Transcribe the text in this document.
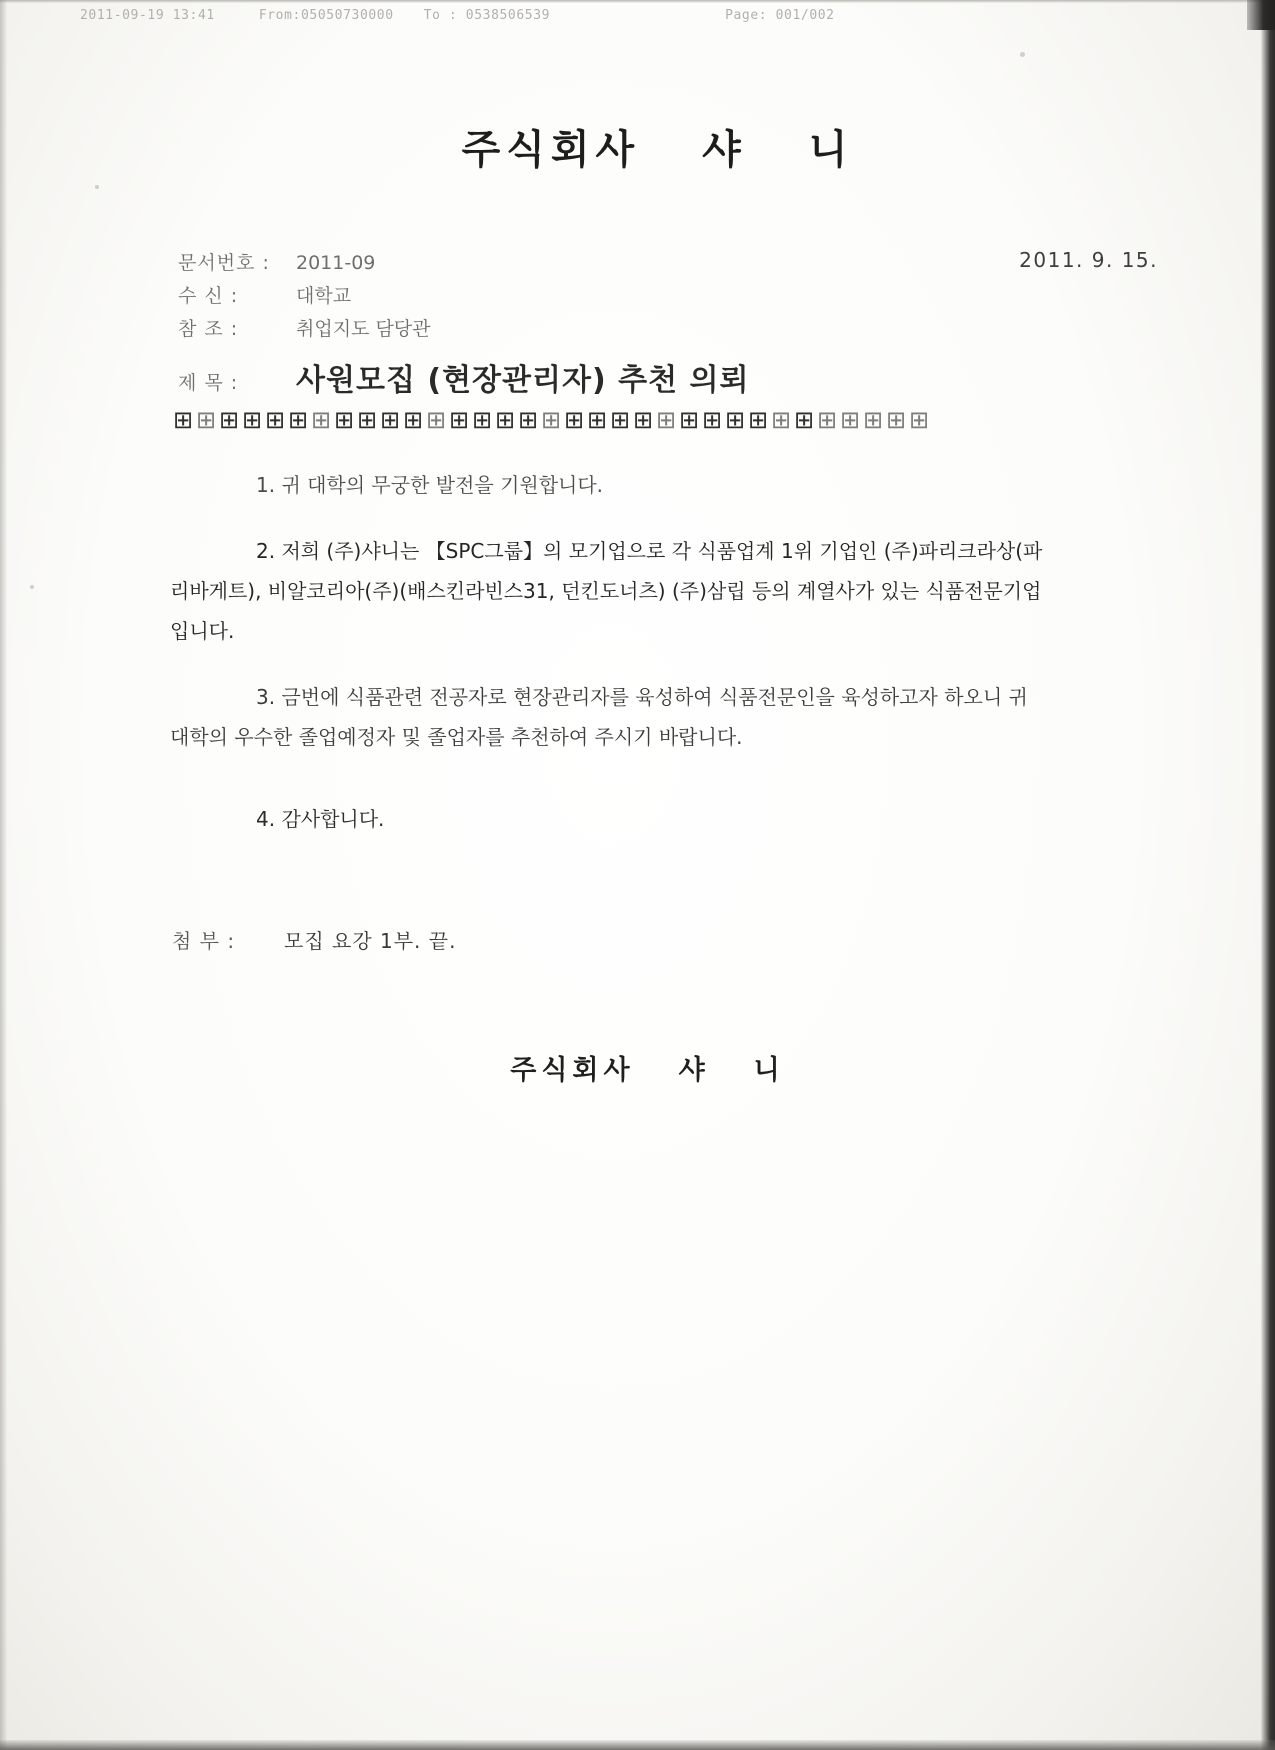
2011-09-19 13:41	From:05050730000 To : 0538506539	Page: 001/002
주식회사 샤 니
문서번호 : 2011-09	2011. 9. 15.
수 신 :	대학교
참 조 :	취업지도 담당관
제 목 : 사원모집 (현장관리자) 추천 의뢰
⊞⊞⊞⊞⊞⊞⊞⊞⊞⊞⊞⊞⊞⊞⊞⊞⊞⊞⊞⊞⊞⊞⊞⊞⊞⊞⊞⊞⊞⊞⊞⊞⊞
1. 귀 대학의 무궁한 발전을 기원합니다.
2. 저희 (주)샤니는 【SPC그룹】의 모기업으로 각 식품업계 1위 기업인 (주)파리크라상(파리바게트), 비알코리아(주)(배스킨라빈스31, 던킨도너츠) (주)삼립 등의 계열사가 있는 식품전문기업입니다.
3. 금번에 식품관련 전공자로 현장관리자를 육성하여 식품전문인을 육성하고자 하오니 귀 대학의 우수한 졸업예정자 및 졸업자를 추천하여 주시기 바랍니다.
4. 감사합니다.
첨 부 : 모집 요강 1부. 끝.
주식회사 샤 니
